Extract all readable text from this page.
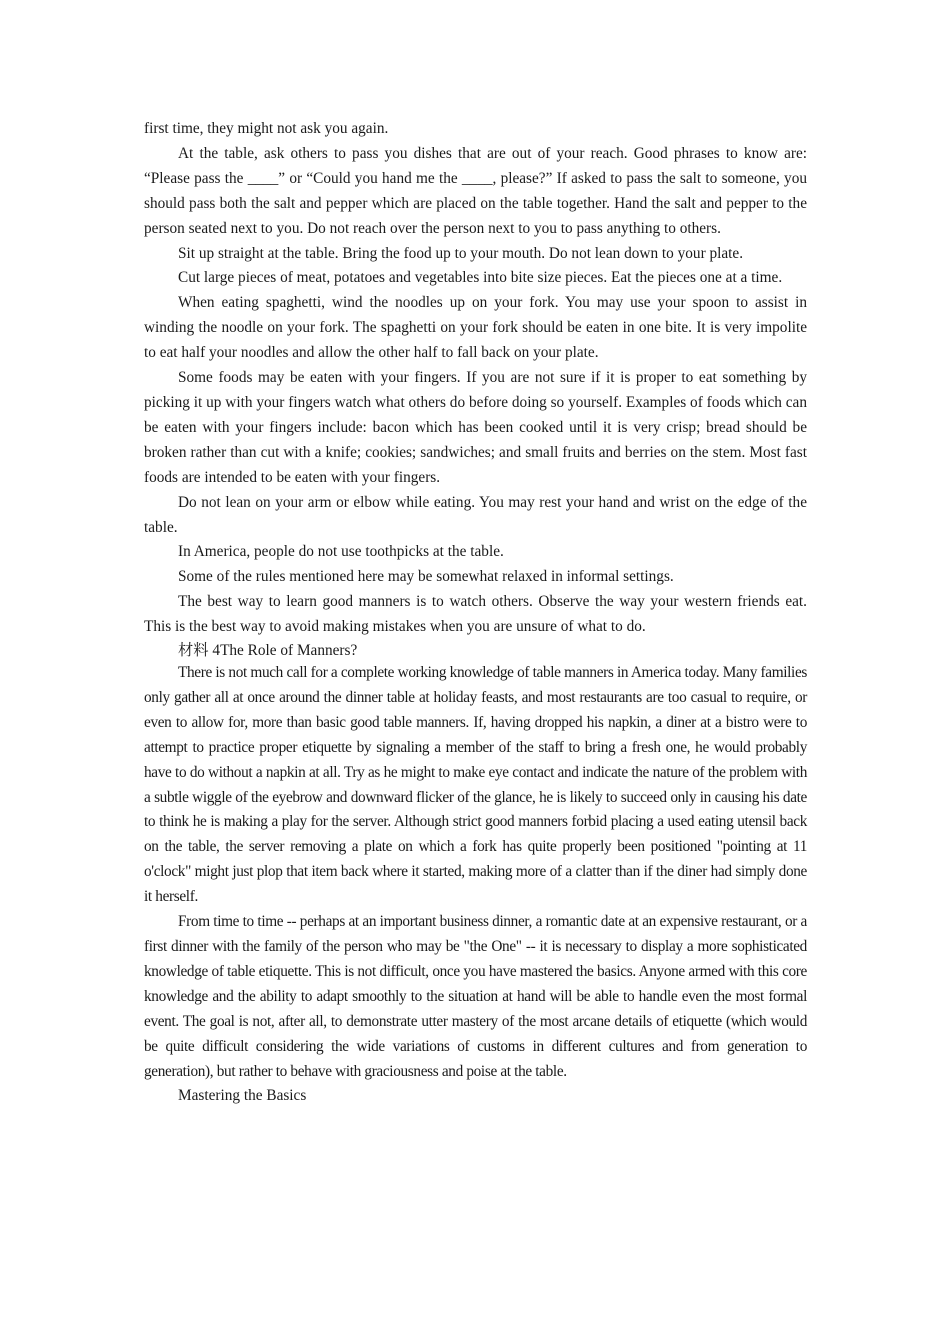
first time, they might not ask you again.

At the table, ask others to pass you dishes that are out of your reach. Good phrases to know are: “Please pass the ____” or “Could you hand me the ____, please?” If asked to pass the salt to someone, you should pass both the salt and pepper which are placed on the table together. Hand the salt and pepper to the person seated next to you. Do not reach over the person next to you to pass anything to others.

Sit up straight at the table. Bring the food up to your mouth. Do not lean down to your plate.

Cut large pieces of meat, potatoes and vegetables into bite size pieces. Eat the pieces one at a time.

When eating spaghetti, wind the noodles up on your fork. You may use your spoon to assist in winding the noodle on your fork. The spaghetti on your fork should be eaten in one bite. It is very impolite to eat half your noodles and allow the other half to fall back on your plate.

Some foods may be eaten with your fingers. If you are not sure if it is proper to eat something by picking it up with your fingers watch what others do before doing so yourself. Examples of foods which can be eaten with your fingers include: bacon which has been cooked until it is very crisp; bread should be broken rather than cut with a knife; cookies; sandwiches; and small fruits and berries on the stem. Most fast foods are intended to be eaten with your fingers.

Do not lean on your arm or elbow while eating. You may rest your hand and wrist on the edge of the table.

In America, people do not use toothpicks at the table.

Some of the rules mentioned here may be somewhat relaxed in informal settings.

The best way to learn good manners is to watch others. Observe the way your western friends eat. This is the best way to avoid making mistakes when you are unsure of what to do.

材料 4The Role of Manners?

There is not much call for a complete working knowledge of table manners in America today. Many families only gather all at once around the dinner table at holiday feasts, and most restaurants are too casual to require, or even to allow for, more than basic good table manners. If, having dropped his napkin, a diner at a bistro were to attempt to practice proper etiquette by signaling a member of the staff to bring a fresh one, he would probably have to do without a napkin at all. Try as he might to make eye contact and indicate the nature of the problem with a subtle wiggle of the eyebrow and downward flicker of the glance, he is likely to succeed only in causing his date to think he is making a play for the server. Although strict good manners forbid placing a used eating utensil back on the table, the server removing a plate on which a fork has quite properly been positioned "pointing at 11 o'clock" might just plop that item back where it started, making more of a clatter than if the diner had simply done it herself.

From time to time -- perhaps at an important business dinner, a romantic date at an expensive restaurant, or a first dinner with the family of the person who may be "the One" -- it is necessary to display a more sophisticated knowledge of table etiquette. This is not difficult, once you have mastered the basics. Anyone armed with this core knowledge and the ability to adapt smoothly to the situation at hand will be able to handle even the most formal event. The goal is not, after all, to demonstrate utter mastery of the most arcane details of etiquette (which would be quite difficult considering the wide variations of customs in different cultures and from generation to generation), but rather to behave with graciousness and poise at the table.

Mastering the Basics
